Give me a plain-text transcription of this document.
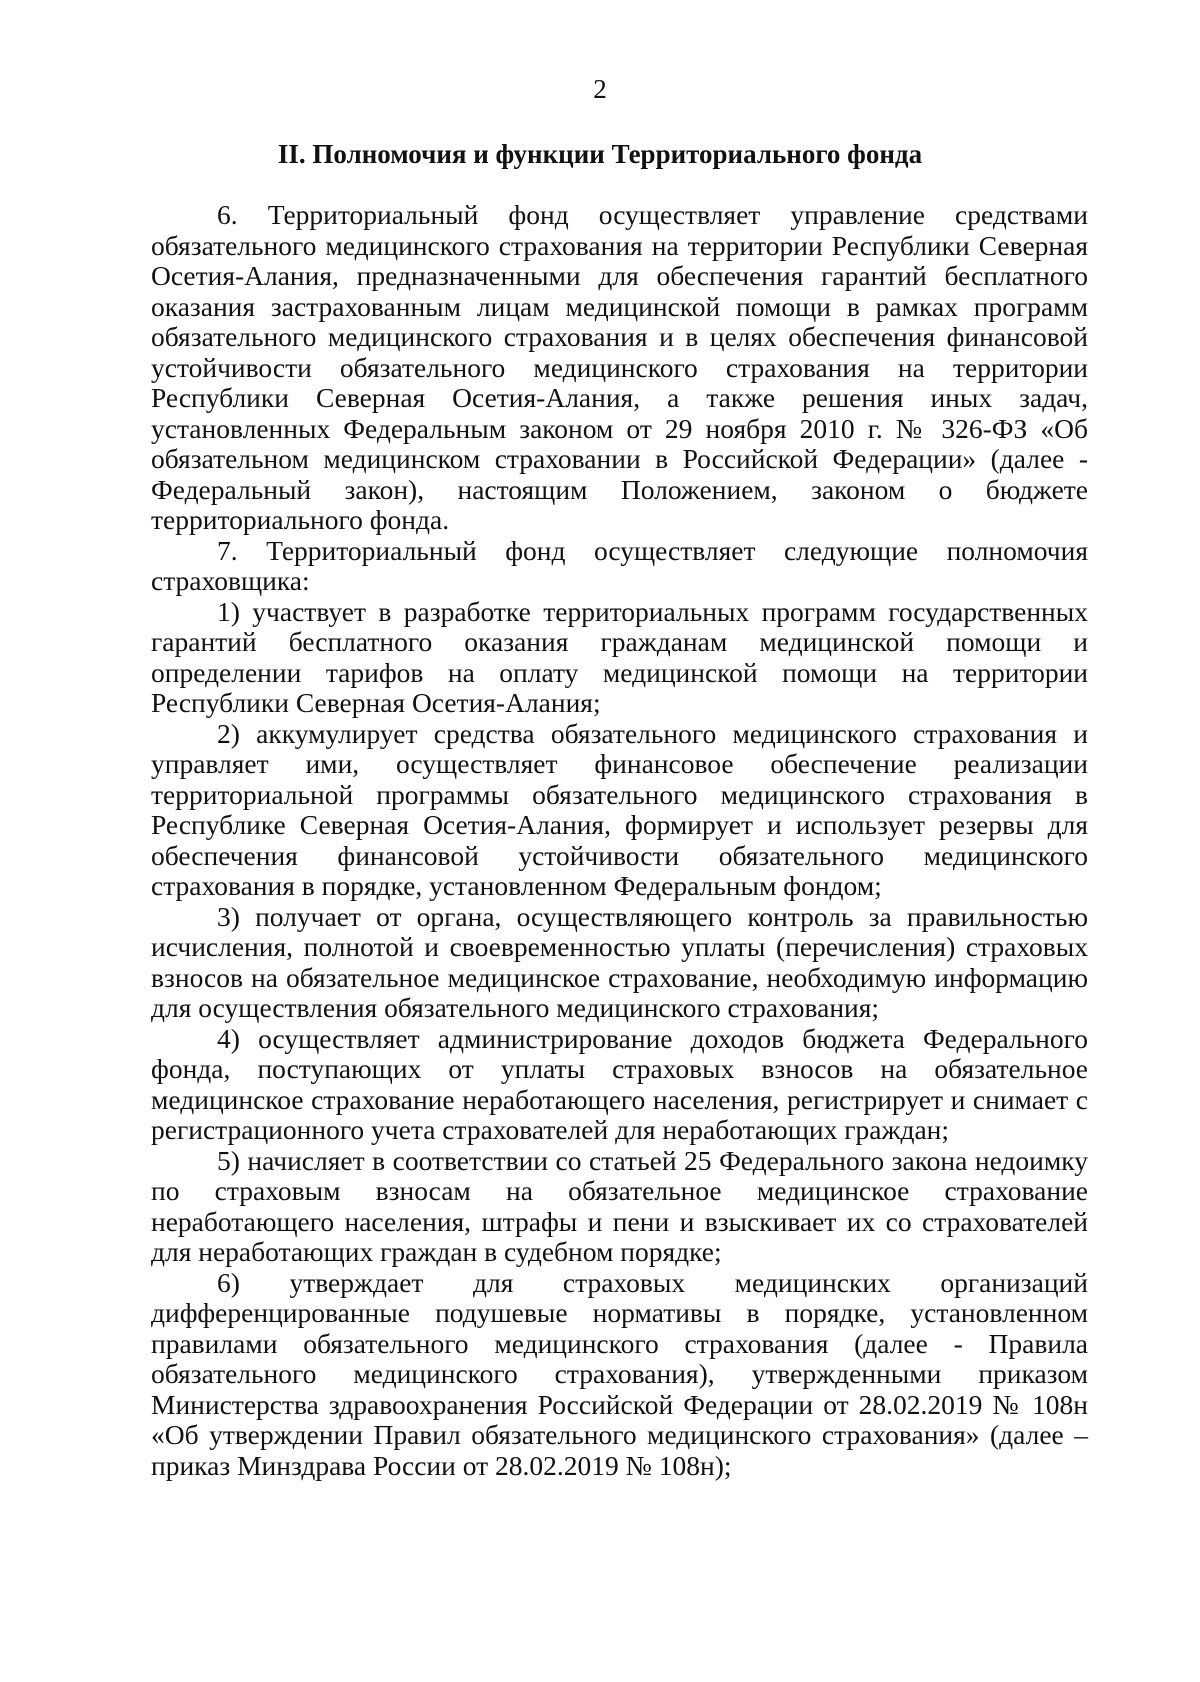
2
II. Полномочия и функции Территориального фонда

6. Территориальный фонд осуществляет управление средствами обязательного медицинского страхования на территории Республики Северная Осетия-Алания, предназначенными для обеспечения гарантий бесплатного оказания застрахованным лицам медицинской помощи в рамках программ обязательного медицинского страхования и в целях обеспечения финансовой устойчивости обязательного медицинского страхования на территории Республики Северная Осетия-Алания, а также решения иных задач, установленных Федеральным законом от 29 ноября 2010 г. № 326-ФЗ «Об обязательном медицинском страховании в Российской Федерации» (далее - Федеральный закон), настоящим Положением, законом о бюджете территориального фонда.

7. Территориальный фонд осуществляет следующие полномочия страховщика:

1) участвует в разработке территориальных программ государственных гарантий бесплатного оказания гражданам медицинской помощи и определении тарифов на оплату медицинской помощи на территории Республики Северная Осетия-Алания;

2) аккумулирует средства обязательного медицинского страхования и управляет ими, осуществляет финансовое обеспечение реализации территориальной программы обязательного медицинского страхования в Республике Северная Осетия-Алания, формирует и использует резервы для обеспечения финансовой устойчивости обязательного медицинского страхования в порядке, установленном Федеральным фондом;

3) получает от органа, осуществляющего контроль за правильностью исчисления, полнотой и своевременностью уплаты (перечисления) страховых взносов на обязательное медицинское страхование, необходимую информацию для осуществления обязательного медицинского страхования;

4) осуществляет администрирование доходов бюджета Федерального фонда, поступающих от уплаты страховых взносов на обязательное медицинское страхование неработающего населения, регистрирует и снимает с регистрационного учета страхователей для неработающих граждан;

5) начисляет в соответствии со статьей 25 Федерального закона недоимку по страховым взносам на обязательное медицинское страхование неработающего населения, штрафы и пени и взыскивает их со страхователей для неработающих граждан в судебном порядке;

6) утверждает для страховых медицинских организаций дифференцированные подушевые нормативы в порядке, установленном правилами обязательного медицинского страхования (далее - Правила обязательного медицинского страхования), утвержденными приказом Министерства здравоохранения Российской Федерации от 28.02.2019 № 108н «Об утверждении Правил обязательного медицинского страхования» (далее – приказ Минздрава России от 28.02.2019 № 108н);
